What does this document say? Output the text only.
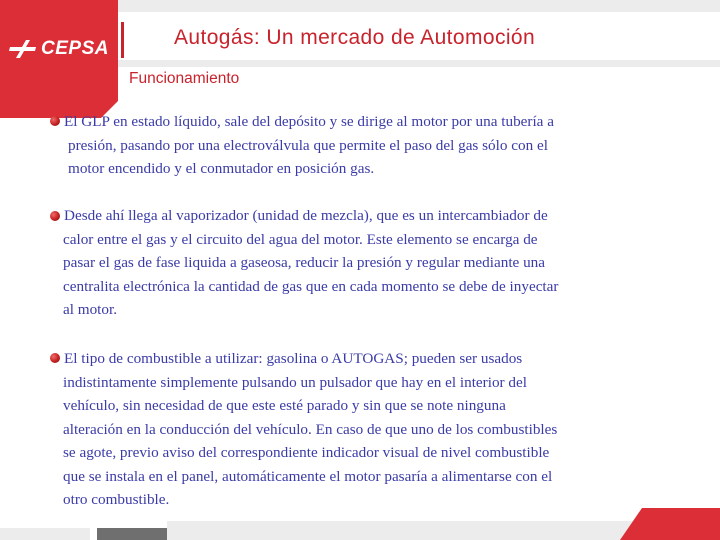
CEPSA	Autogás: Un mercado de Automoción
Funcionamiento
El GLP en estado líquido, sale del depósito y se dirige al motor por una tubería a
presión, pasando por una electroválvula que permite el paso del gas sólo con el
motor encendido y el conmutador en posición gas.
Desde ahí llega al vaporizador (unidad de mezcla), que es un intercambiador de
calor entre el gas y el circuito del agua del motor. Este elemento se encarga de
pasar el gas de fase liquida a gaseosa, reducir la presión y regular mediante una
centralita electrónica la cantidad de gas que en cada momento se debe de inyectar
al motor.
El tipo de combustible a utilizar: gasolina o AUTOGAS; pueden ser usados
indistintamente simplemente pulsando un pulsador que hay en el interior del
vehículo, sin necesidad de que este esté parado y sin que se note ninguna
alteración en la conducción del vehículo. En caso de que uno de los combustibles
se agote, previo aviso del correspondiente indicador visual de nivel combustible
que se instala en el panel, automáticamente el motor pasaría a alimentarse con el
otro combustible.
